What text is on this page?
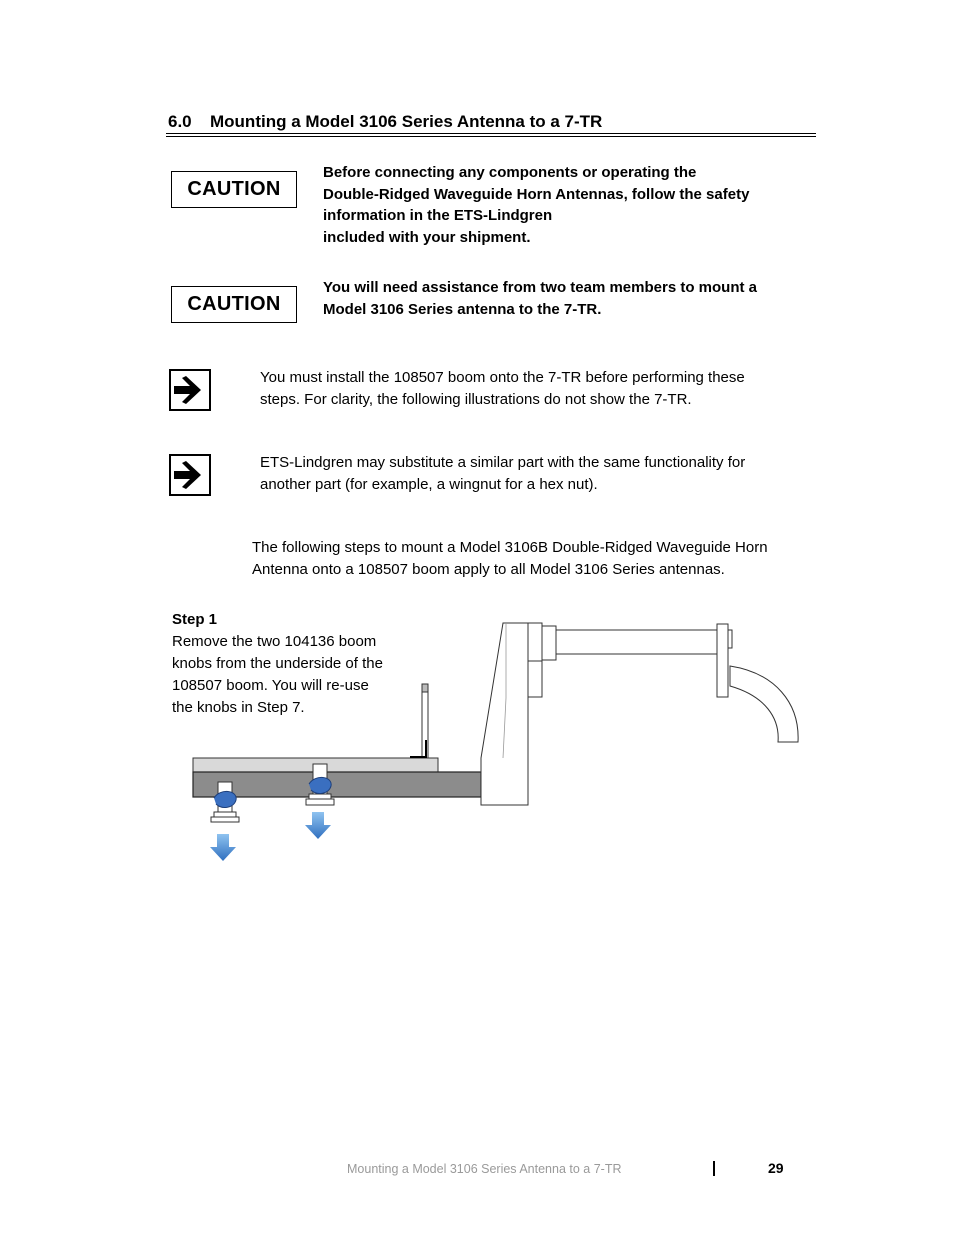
6.0 Mounting a Model 3106 Series Antenna to a 7-TR
CAUTION
Before connecting any components or operating the
Double-Ridged Waveguide Horn Antennas, follow the safety
information in the ETS-Lindgren
included with your shipment.
CAUTION
You will need assistance from two team members to mount a
Model 3106 Series antenna to the 7-TR.
You must install the 108507 boom onto the 7-TR before performing these
steps. For clarity, the following illustrations do not show the 7-TR.
ETS-Lindgren may substitute a similar part with the same functionality for
another part (for example, a wingnut for a hex nut).
The following steps to mount a Model 3106B Double-Ridged Waveguide Horn
Antenna onto a 108507 boom apply to all Model 3106 Series antennas.
Step 1
Remove the two 104136 boom
knobs from the underside of the
108507 boom. You will re-use
the knobs in Step 7.
Mounting a Model 3106 Series Antenna to a 7-TR	29
